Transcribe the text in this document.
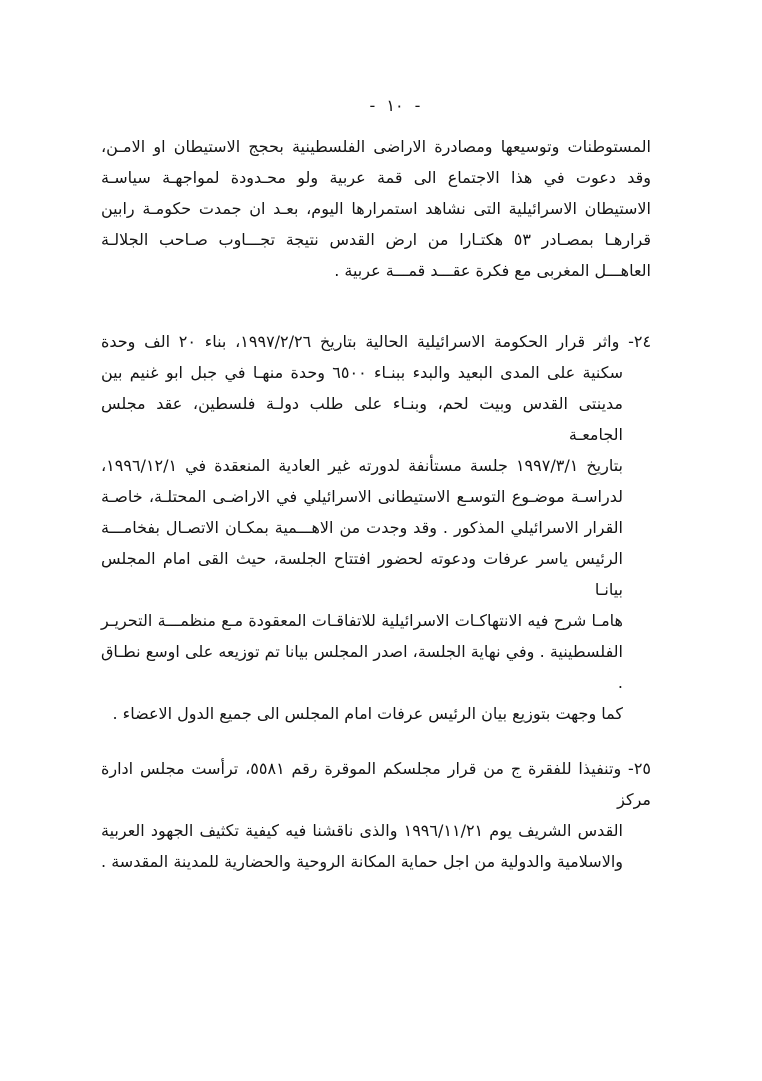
- ١٠ -
المستوطنات وتوسيعها ومصادرة الاراضى الفلسطينية بحجج الاستيطان او الامـن،
وقد دعوت في هذا الاجتماع الى قمة عربية ولو محـدودة لمواجهـة سياسـة
الاستيطان الاسرائيلية التى نشاهد استمرارها اليوم، بعـد ان جمدت حكومـة رابين
قرارهـا بمصـادر ٥٣ هكتـارا من ارض القدس نتيجة تجـــاوب صـاحب الجلالـة
العاهـــل المغربى مع فكرة عقـــد قمـــة عربية .
٢٤- واثر قرار الحكومة الاسرائيلية الحالية بتاريخ ١٩٩٧/٢/٢٦، بناء ٢٠ الف وحدة
سكنية على المدى البعيد والبدء ببنـاء ٦٥٠٠ وحدة منهـا في جبل ابو غنيم بين
مدينتى القدس وبيت لحم، وبنـاء على طلب دولـة فلسطين، عقد مجلس الجامعـة
بتاريخ ١٩٩٧/٣/١ جلسة مستأنفة لدورته غير العادية المنعقدة في ١٩٩٦/١٢/١،
لدراسـة موضـوع التوسـع الاستيطانى الاسرائيلي في الاراضـى المحتلـة، خاصـة
القرار الاسرائيلي المذكور . وقد وجدت من الاهـــمية بمكـان الاتصـال بفخامـــة
الرئيس ياسر عرفات ودعوته لحضور افتتاح الجلسة، حيث القى امام المجلس بيانـا
هامـا شرح فيه الانتهاكـات الاسرائيلية للاتفاقـات المعقودة مـع منظمـــة التحريـر
الفلسطينية . وفي نهاية الجلسة، اصدر المجلس بيانا تم توزيعه على اوسع نطـاق .
كما وجهت بتوزيع بيان الرئيس عرفات امام المجلس الى جميع الدول الاعضاء .
٢٥- وتنفيذا للفقرة ج من قرار مجلسكم الموقرة رقم ٥٥٨١، ترأست مجلس ادارة مركز
القدس الشريف يوم ١٩٩٦/١١/٢١ والذى ناقشنا فيه كيفية تكثيف الجهود العربية
والاسلامية والدولية من اجل حماية المكانة الروحية والحضارية للمدينة المقدسة .
